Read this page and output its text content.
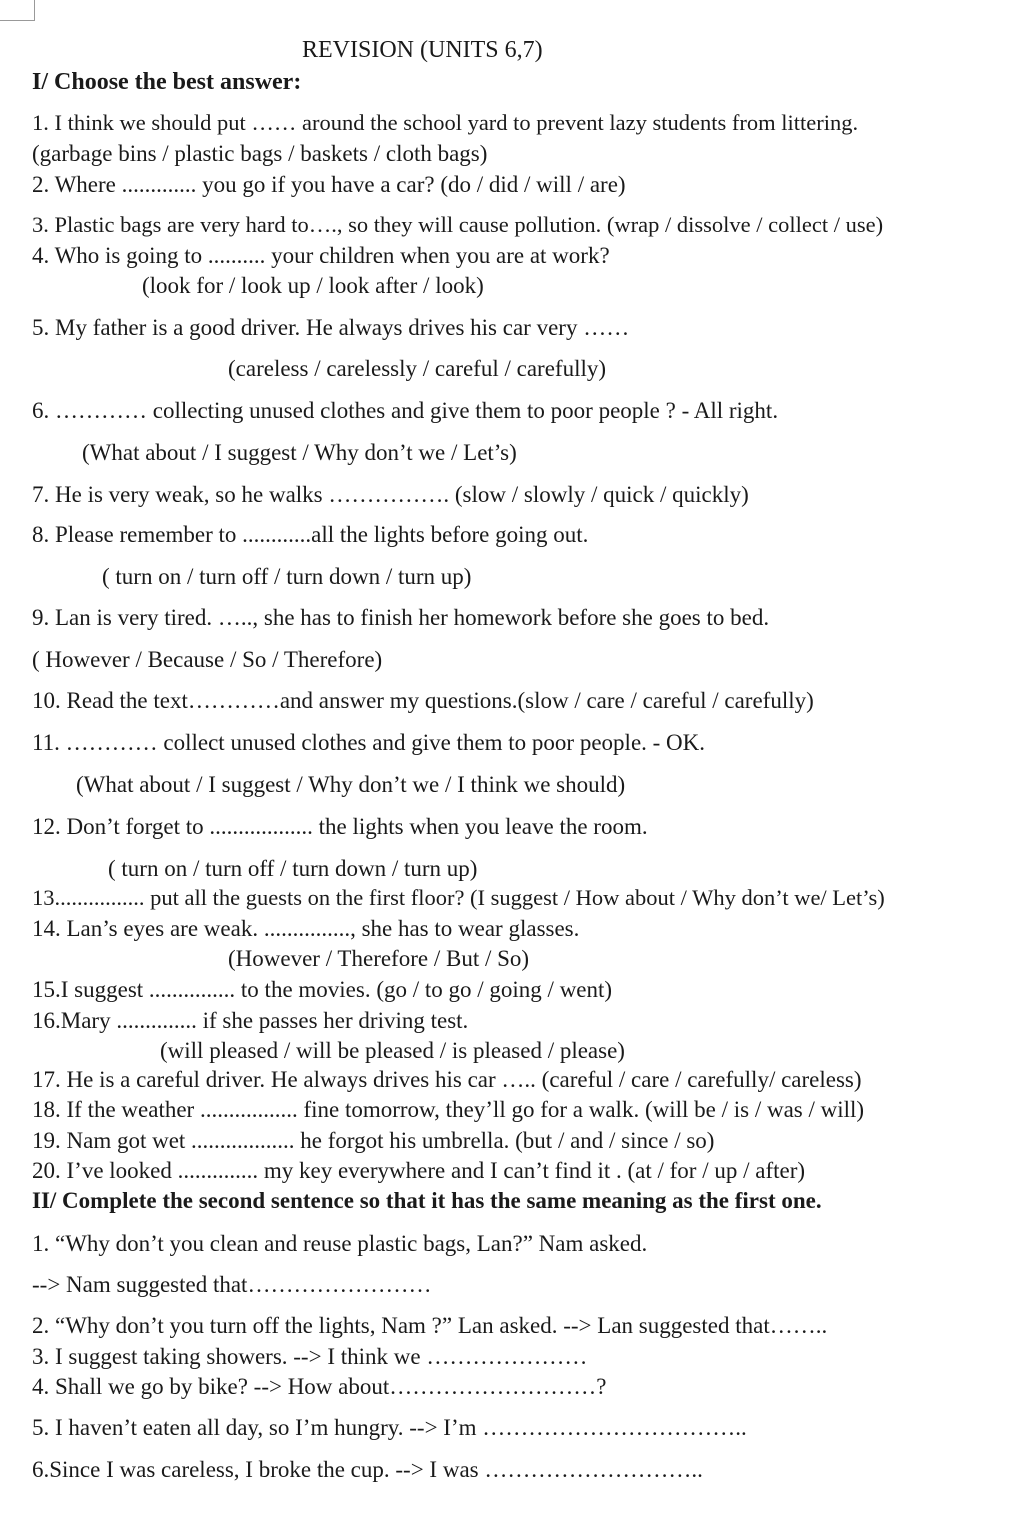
REVISION (UNITS 6,7)
I/ Choose the best answer:
1. I think we should put …… around the school yard to prevent lazy students from littering.
(garbage bins / plastic bags / baskets / cloth bags)
2. Where ............. you go if you have a car? (do / did / will / are)
3. Plastic bags are very hard to…., so they will cause pollution. (wrap / dissolve / collect / use)
4. Who is going to .......... your children when you are at work?
(look for / look up / look after / look)
5. My father is a good driver. He always drives his car very ……
(careless / carelessly / careful / carefully)
6. ………… collecting unused clothes and give them to poor people ? - All right.
(What about / I suggest / Why don’t we / Let’s)
7. He is very weak, so he walks ……………. (slow / slowly / quick / quickly)
8. Please remember to ............all the lights before going out.
( turn on / turn off / turn down / turn up)
9. Lan is very tired. ….., she has to finish her homework before she goes to bed.
( However / Because / So / Therefore)
10. Read the text…………and answer my questions.(slow / care / careful / carefully)
11. ………… collect unused clothes and give them to poor people. - OK.
(What about / I suggest / Why don’t we / I think we should)
12. Don’t forget to .................. the lights when you leave the room.
( turn on / turn off / turn down / turn up)
13................ put all the guests on the first floor? (I suggest / How about / Why don’t we/ Let’s)
14. Lan’s eyes are weak. ..............., she has to wear glasses.
(However / Therefore / But / So)
15.I suggest ............... to the movies. (go / to go / going / went)
16.Mary .............. if she passes her driving test.
(will pleased / will be pleased / is pleased / please)
17. He is a careful driver. He always drives his car ….. (careful / care / carefully/ careless)
18. If the weather ................. fine tomorrow, they’ll go for a walk. (will be / is / was / will)
19. Nam got wet .................. he forgot his umbrella. (but / and / since / so)
20. I’ve looked .............. my key everywhere and I can’t find it . (at / for / up / after)
II/ Complete the second sentence so that it has the same meaning as the first one.
1. “Why don’t you clean and reuse plastic bags, Lan?” Nam asked.
--> Nam suggested that……………………
2. “Why don’t you turn off the lights, Nam ?” Lan asked. --> Lan suggested that……..
3. I suggest taking showers. --> I think we …………………
4. Shall we go by bike? --> How about………………………?
5. I haven’t eaten all day, so I’m hungry. --> I’m ……………………………..
6.Since I was careless, I broke the cup. --> I was ………………………..
